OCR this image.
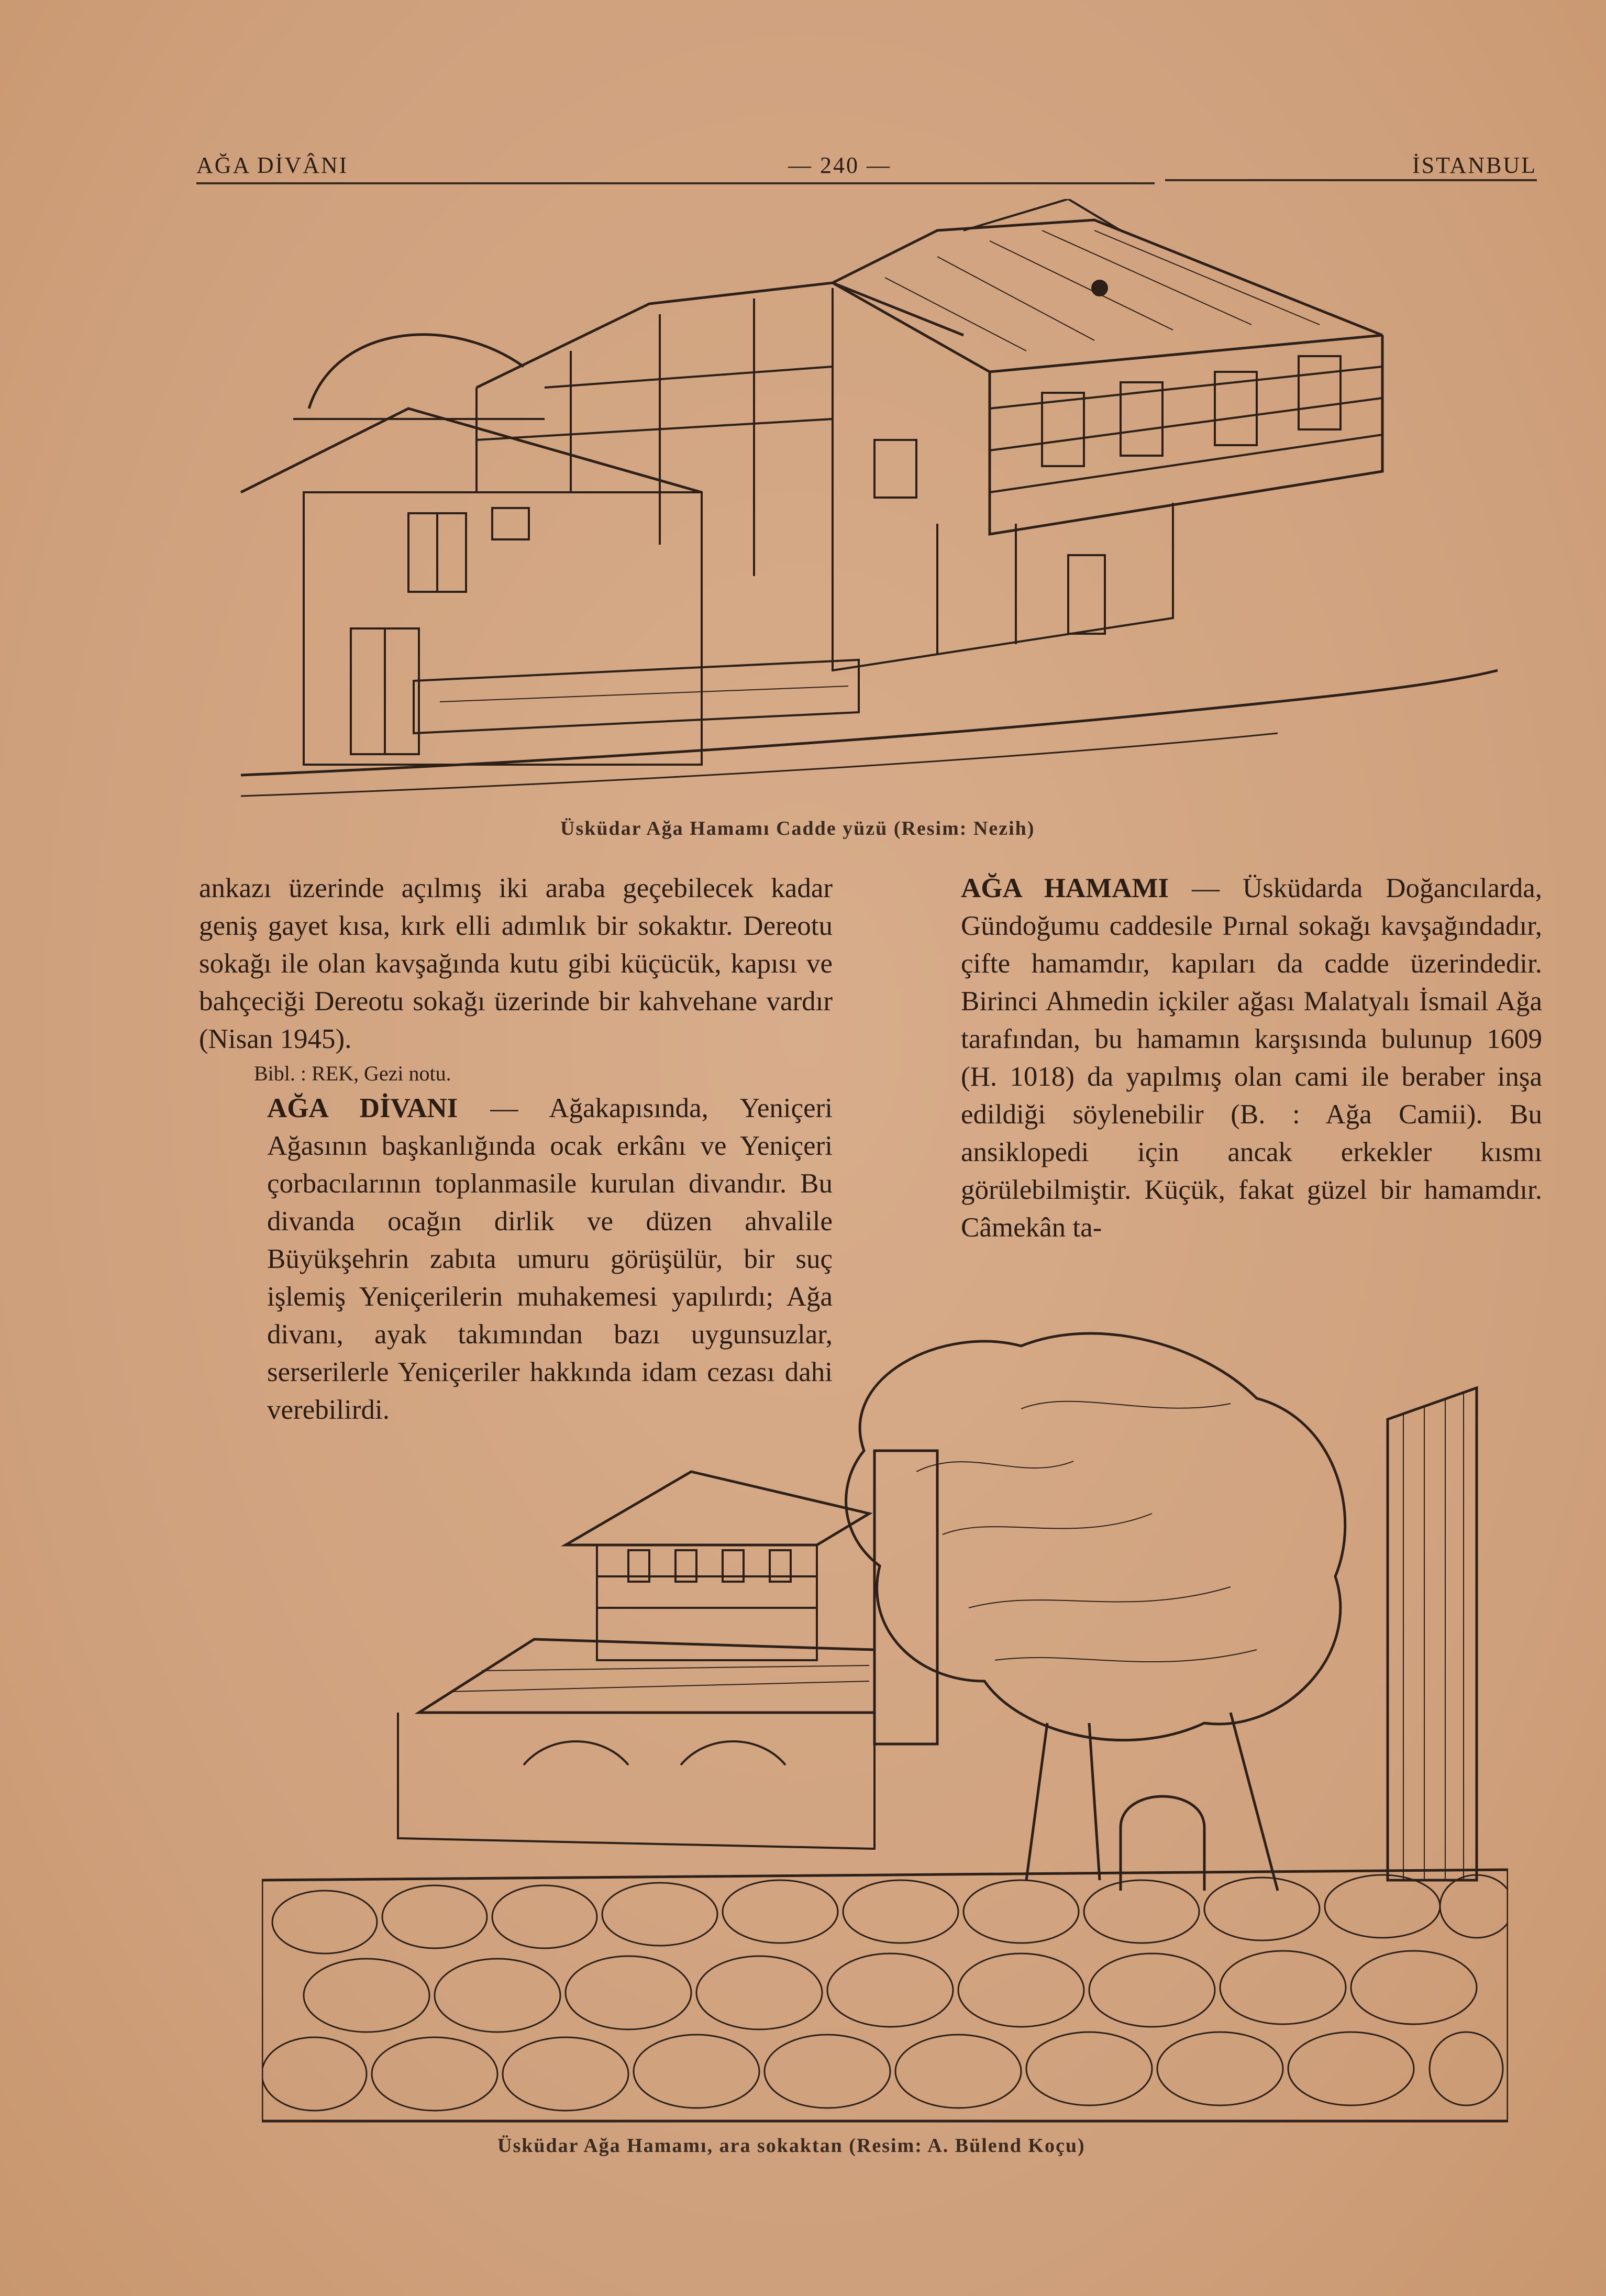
AĞA DİVÂNI	— 240 —	İSTANBUL
Üsküdar Ağa Hamamı Cadde yüzü (Resim: Nezih)

ankazı üzerinde açılmış iki araba geçebilecek kadar geniş gayet kısa, kırk elli adımlık bir sokaktır. Dereotu sokağı ile olan kavşağında kutu gibi küçücük, kapısı ve bahçeciği Dereotu sokağı üzerinde bir kahvehane vardır (Nisan 1945).

Bibl. : REK, Gezi notu.

AĞA DİVANI — Ağakapısında, Yeniçeri Ağasının başkanlığında ocak erkânı ve Yeniçeri çorbacılarının toplanmasile kurulan divandır. Bu divanda ocağın dirlik ve düzen ahvalile Büyükşehrin zabıta umuru görüşülür, bir suç işlemiş Yeniçerilerin muhakemesi yapılırdı; Ağa divanı, ayak takımından bazı uygunsuzlar, serserilerle Yeniçeriler hakkında idam cezası dahi verebilirdi.

AĞA HAMAMI — Üsküdarda Doğancılarda, Gündoğumu caddesile Pırnal sokağı kavşağındadır, çifte hamamdır, kapıları da cadde üzerindedir. Birinci Ahmedin içkiler ağası Malatyalı İsmail Ağa tarafından, bu hamamın karşısında bulunup 1609 (H. 1018) da yapılmış olan cami ile beraber inşa edildiği söylenebilir (B. : Ağa Camii). Bu ansiklopedi için ancak erkekler kısmı görülebilmiştir. Küçük, fakat güzel bir hamamdır. Câmekân ta-

Üsküdar Ağa Hamamı, ara sokaktan (Resim: A. Bülend Koçu)
